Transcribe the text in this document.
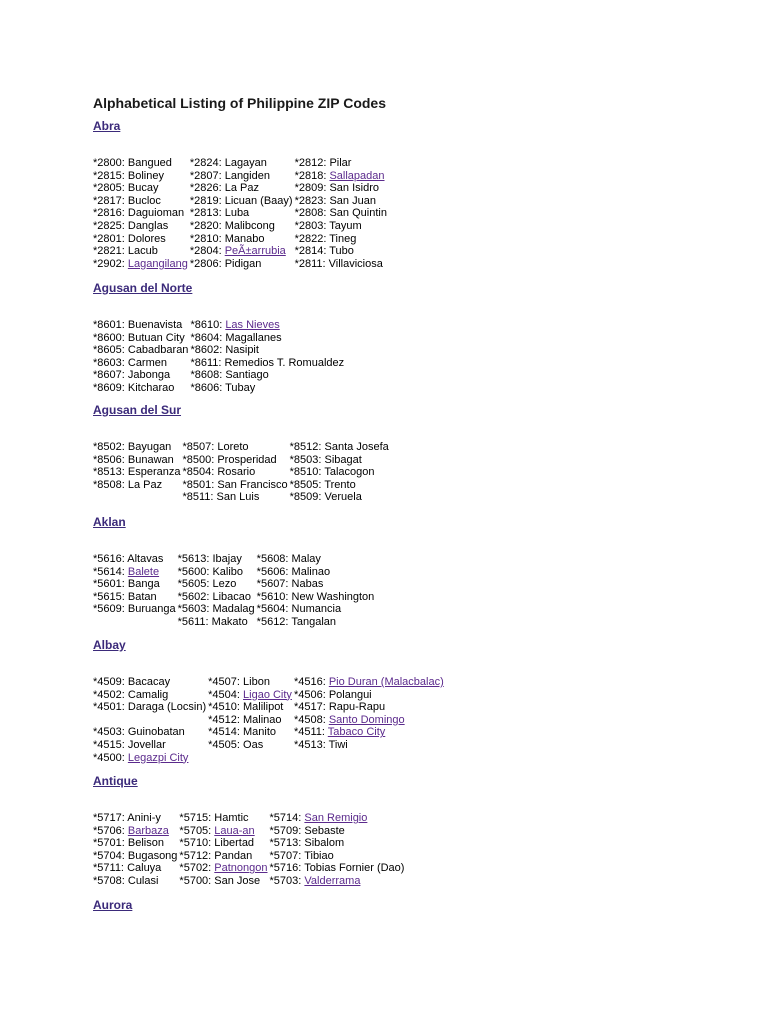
Alphabetical Listing of Philippine ZIP Codes
Abra
*2800: Bangued
*2815: Boliney
*2805: Bucay
*2817: Bucloc
*2816: Daguioman
*2825: Danglas
*2801: Dolores
*2821: Lacub
*2902: Lagangilang
*2824: Lagayan
*2807: Langiden
*2826: La Paz
*2819: Licuan (Baay)
*2813: Luba
*2820: Malibcong
*2810: Manabo
*2804: PeÃ±arrubia
*2806: Pidigan
*2812: Pilar
*2818: Sallapadan
*2809: San Isidro
*2823: San Juan
*2808: San Quintin
*2803: Tayum
*2822: Tineg
*2814: Tubo
*2811: Villaviciosa
Agusan del Norte
*8601: Buenavista
*8600: Butuan City
*8605: Cabadbaran
*8603: Carmen
*8607: Jabonga
*8609: Kitcharao
*8610: Las Nieves
*8604: Magallanes
*8602: Nasipit
*8611: Remedios T. Romualdez
*8608: Santiago
*8606: Tubay
Agusan del Sur
*8502: Bayugan
*8506: Bunawan
*8513: Esperanza
*8508: La Paz
*8507: Loreto
*8500: Prosperidad
*8504: Rosario
*8501: San Francisco
*8511: San Luis
*8512: Santa Josefa
*8503: Sibagat
*8510: Talacogon
*8505: Trento
*8509: Veruela
Aklan
*5616: Altavas
*5614: Balete
*5601: Banga
*5615: Batan
*5609: Buruanga
*5613: Ibajay
*5600: Kalibo
*5605: Lezo
*5602: Libacao
*5603: Madalag
*5611: Makato
*5608: Malay
*5606: Malinao
*5607: Nabas
*5610: New Washington
*5604: Numancia
*5612: Tangalan
Albay
*4509: Bacacay
*4502: Camalig
*4501: Daraga (Locsin)
*4503: Guinobatan
*4515: Jovellar
*4500: Legazpi City
*4507: Libon
*4504: Ligao City
*4510: Malilipot
*4512: Malinao
*4514: Manito
*4505: Oas
*4516: Pio Duran (Malacbalac)
*4506: Polangui
*4517: Rapu-Rapu
*4508: Santo Domingo
*4511: Tabaco City
*4513: Tiwi
Antique
*5717: Anini-y
*5706: Barbaza
*5701: Belison
*5704: Bugasong
*5711: Caluya
*5708: Culasi
*5715: Hamtic
*5705: Laua-an
*5710: Libertad
*5712: Pandan
*5702: Patnongon
*5700: San Jose
*5714: San Remigio
*5709: Sebaste
*5713: Sibalom
*5707: Tibiao
*5716: Tobias Fornier (Dao)
*5703: Valderrama
Aurora
